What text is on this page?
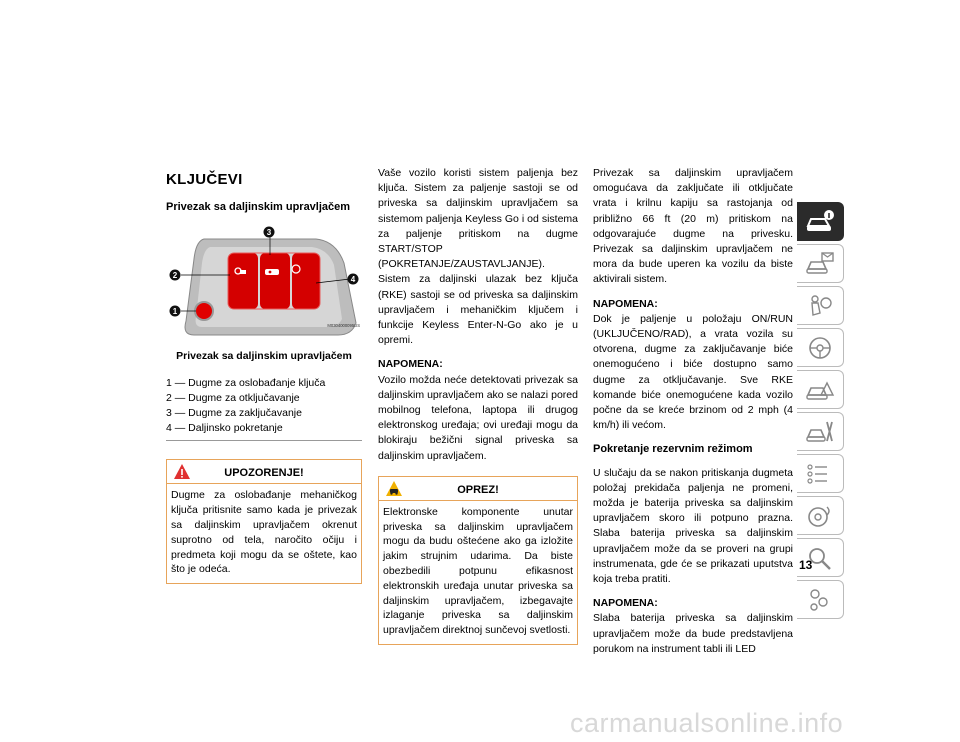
KLJUČEVI
Privezak sa daljinskim upravljačem
3
2
1
4
M0304000095US
Privezak sa daljinskim upravljačem
1 — Dugme za oslobađanje ključa
2 — Dugme za otključavanje
3 — Dugme za zaključavanje
4 — Daljinsko pokretanje
UPOZORENJE!
Dugme za oslobađanje mehaničkog ključa pritisnite samo kada je privezak sa daljinskim upravljačem okrenut suprotno od tela, naročito očiju i predmeta koji mogu da se oštete, kao što je odeća.

Vaše vozilo koristi sistem paljenja bez ključa. Sistem za paljenje sastoji se od priveska sa daljinskim upravljačem sa sistemom paljenja Keyless Go i od sistema za paljenje pritiskom na dugme START/STOP (POKRETANJE/ZAUSTAVLJANJE). Sistem za daljinski ulazak bez ključa (RKE) sastoji se od priveska sa daljinskim upravljačem i mehaničkim ključem i funkcije Keyless Enter-N-Go ako je u opremi.

NAPOMENA:

Vozilo možda neće detektovati privezak sa daljinskim upravljačem ako se nalazi pored mobilnog telefona, laptopa ili drugog elektronskog uređaja; ovi uređaji mogu da blokiraju bežični signal priveska sa daljinskim upravljačem.

OPREZ!
Elektronske komponente unutar priveska sa daljinskim upravljačem mogu da budu oštećene ako ga izložite jakim strujnim udarima. Da biste obezbedili potpunu efikasnost elektronskih uređaja unutar priveska sa daljinskim upravljačem, izbegavajte izlaganje priveska sa daljinskim upravljačem direktnoj sunčevoj svetlosti.

Privezak sa daljinskim upravljačem omogućava da zaključate ili otključate vrata i krilnu kapiju sa rastojanja od približno 66 ft (20 m) pritiskom na odgovarajuće dugme na privesku. Privezak sa daljinskim upravljačem ne mora da bude uperen ka vozilu da biste aktivirali sistem.

NAPOMENA:

Dok je paljenje u položaju ON/RUN (UKLJUČENO/RAD), a vrata vozila su otvorena, dugme za zaključavanje biće onemogućeno i biće dostupno samo dugme za otključavanje. Sve RKE komande biće onemogućene kada vozilo počne da se kreće brzinom od 2 mph (4 km/h) ili većom.

Pokretanje rezervnim režimom

U slučaju da se nakon pritiskanja dugmeta položaj prekidača paljenja ne promeni, možda je baterija priveska sa daljinskim upravljačem skoro ili potpuno prazna. Slaba baterija priveska sa daljinskim upravljačem može da se proveri na grupi instrumenata, gde će se prikazati uputstva koja treba pratiti.

NAPOMENA:

Slaba baterija priveska sa daljinskim upravljačem može da bude predstavljena porukom na instrument tabli ili LED

13
carmanualsonline.info
